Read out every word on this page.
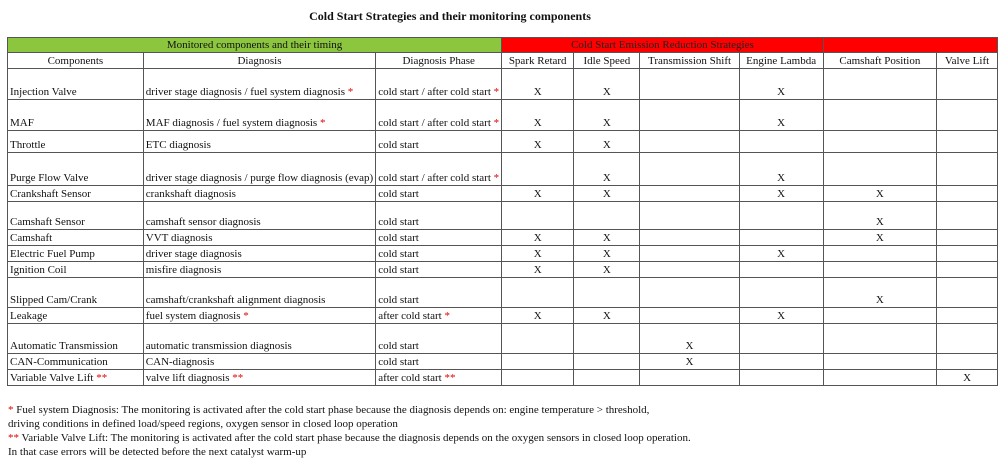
Cold Start Strategies and their monitoring components
Monitored components and their timing			Cold Start Emission Reduction Strategies					
Components	Diagnosis	Diagnosis Phase	Spark Retard	Idle Speed	Transmission Shift	Engine Lambda	Camshaft Position	Valve Lift
Injection Valve	driver stage diagnosis / fuel system diagnosis *	cold start / after cold start *	X	X		X		
MAF	MAF diagnosis / fuel system diagnosis *	cold start / after cold start *	X	X		X		
Throttle	ETC diagnosis	cold start	X	X				
Purge Flow Valve	driver stage diagnosis / purge flow diagnosis (evap)	cold start / after cold start *		X		X		
Crankshaft Sensor	crankshaft diagnosis	cold start	X	X		X	X	
Camshaft Sensor	camshaft sensor diagnosis	cold start					X	
Camshaft	VVT diagnosis	cold start	X	X			X	
Electric Fuel Pump	driver stage diagnosis	cold start	X	X		X		
Ignition Coil	misfire diagnosis	cold start	X	X				
Slipped Cam/Crank	camshaft/crankshaft alignment diagnosis	cold start					X	
Leakage	fuel system diagnosis *	after cold start *	X	X		X		
Automatic Transmission	automatic transmission diagnosis	cold start			X			
CAN-Communication	CAN-diagnosis	cold start			X			
Variable Valve Lift **	valve lift diagnosis **	after cold start **						X
* Fuel system Diagnosis: The monitoring is activated after the cold start phase because the diagnosis depends on: engine temperature > threshold,
driving conditions in defined load/speed regions, oxygen sensor in closed loop operation
** Variable Valve Lift: The monitoring is activated after the cold start phase because the diagnosis depends on the oxygen sensors in closed loop operation.
In that case errors will be detected before the next catalyst warm-up
